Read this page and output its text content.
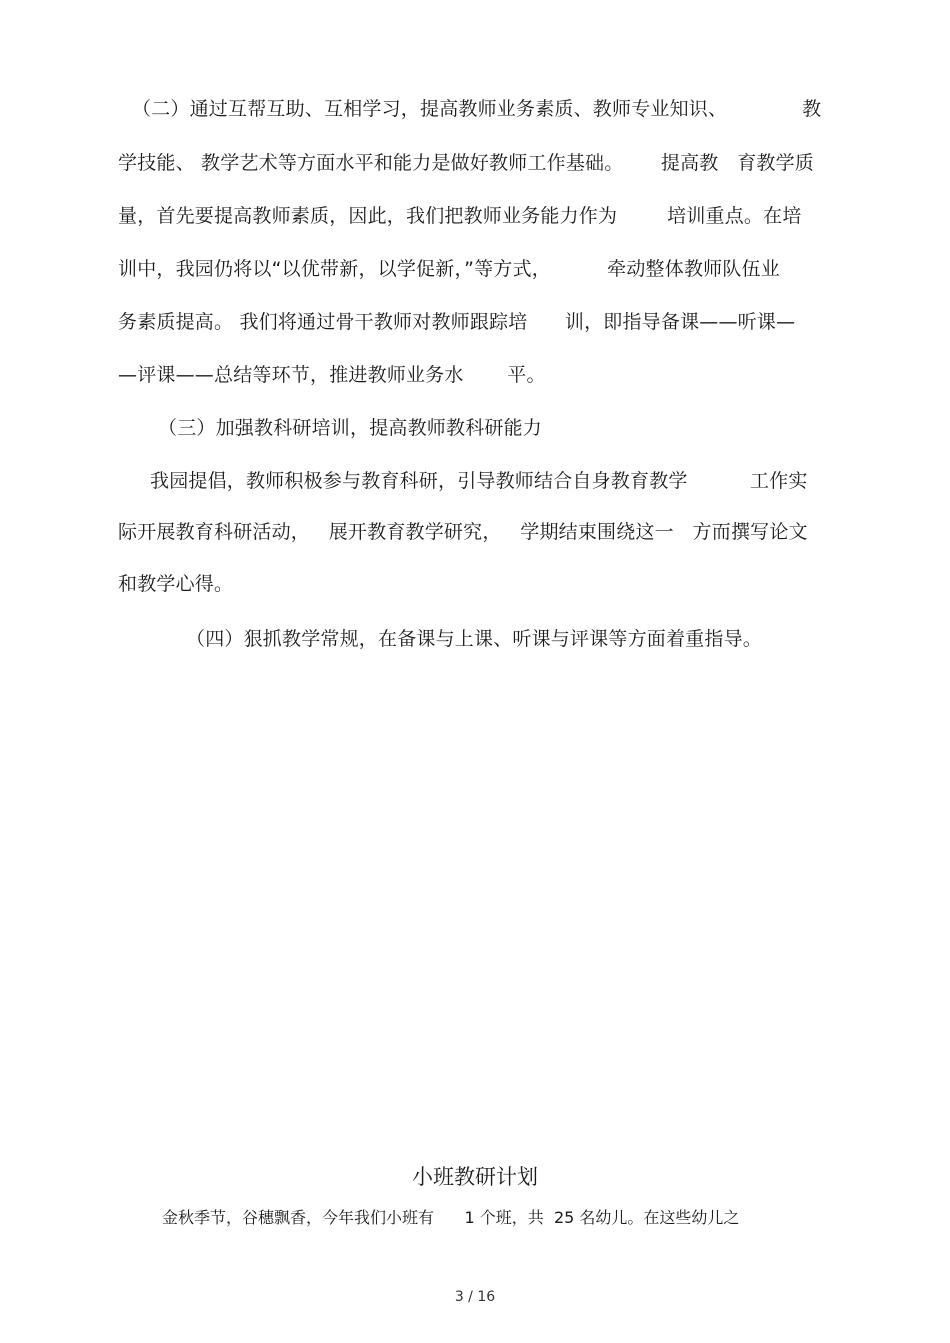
（二）通过互帮互助、互相学习，提高教师业务素质、教师专业知识、            教
学技能、 教学艺术等方面水平和能力是做好教师工作基础。      提高教   育教学质
量，首先要提高教师素质，因此，我们把教师业务能力作为        培训重点。在培
训中，我园仍将以“以优带新，以学促新，”等方式，         牵动整体教师队伍业
务素质提高。 我们将通过骨干教师对教师跟踪培      训，即指导备课——听课—
—评课——总结等环节，推进教师业务水       平。
（三）加强教科研培训，提高教师教科研能力
我园提倡，教师积极参与教育科研，引导教师结合自身教育教学          工作实
际开展教育科研活动，   展开教育教学研究，   学期结束围绕这一   方而撰写论文
和教学心得。
（四）狠抓教学常规，在备课与上课、听课与评课等方面着重指导。
小班教研计划
金秋季节，谷穗飘香，今年我们小班有      1 个班，共  25 名幼儿。在这些幼儿之
3 / 16
